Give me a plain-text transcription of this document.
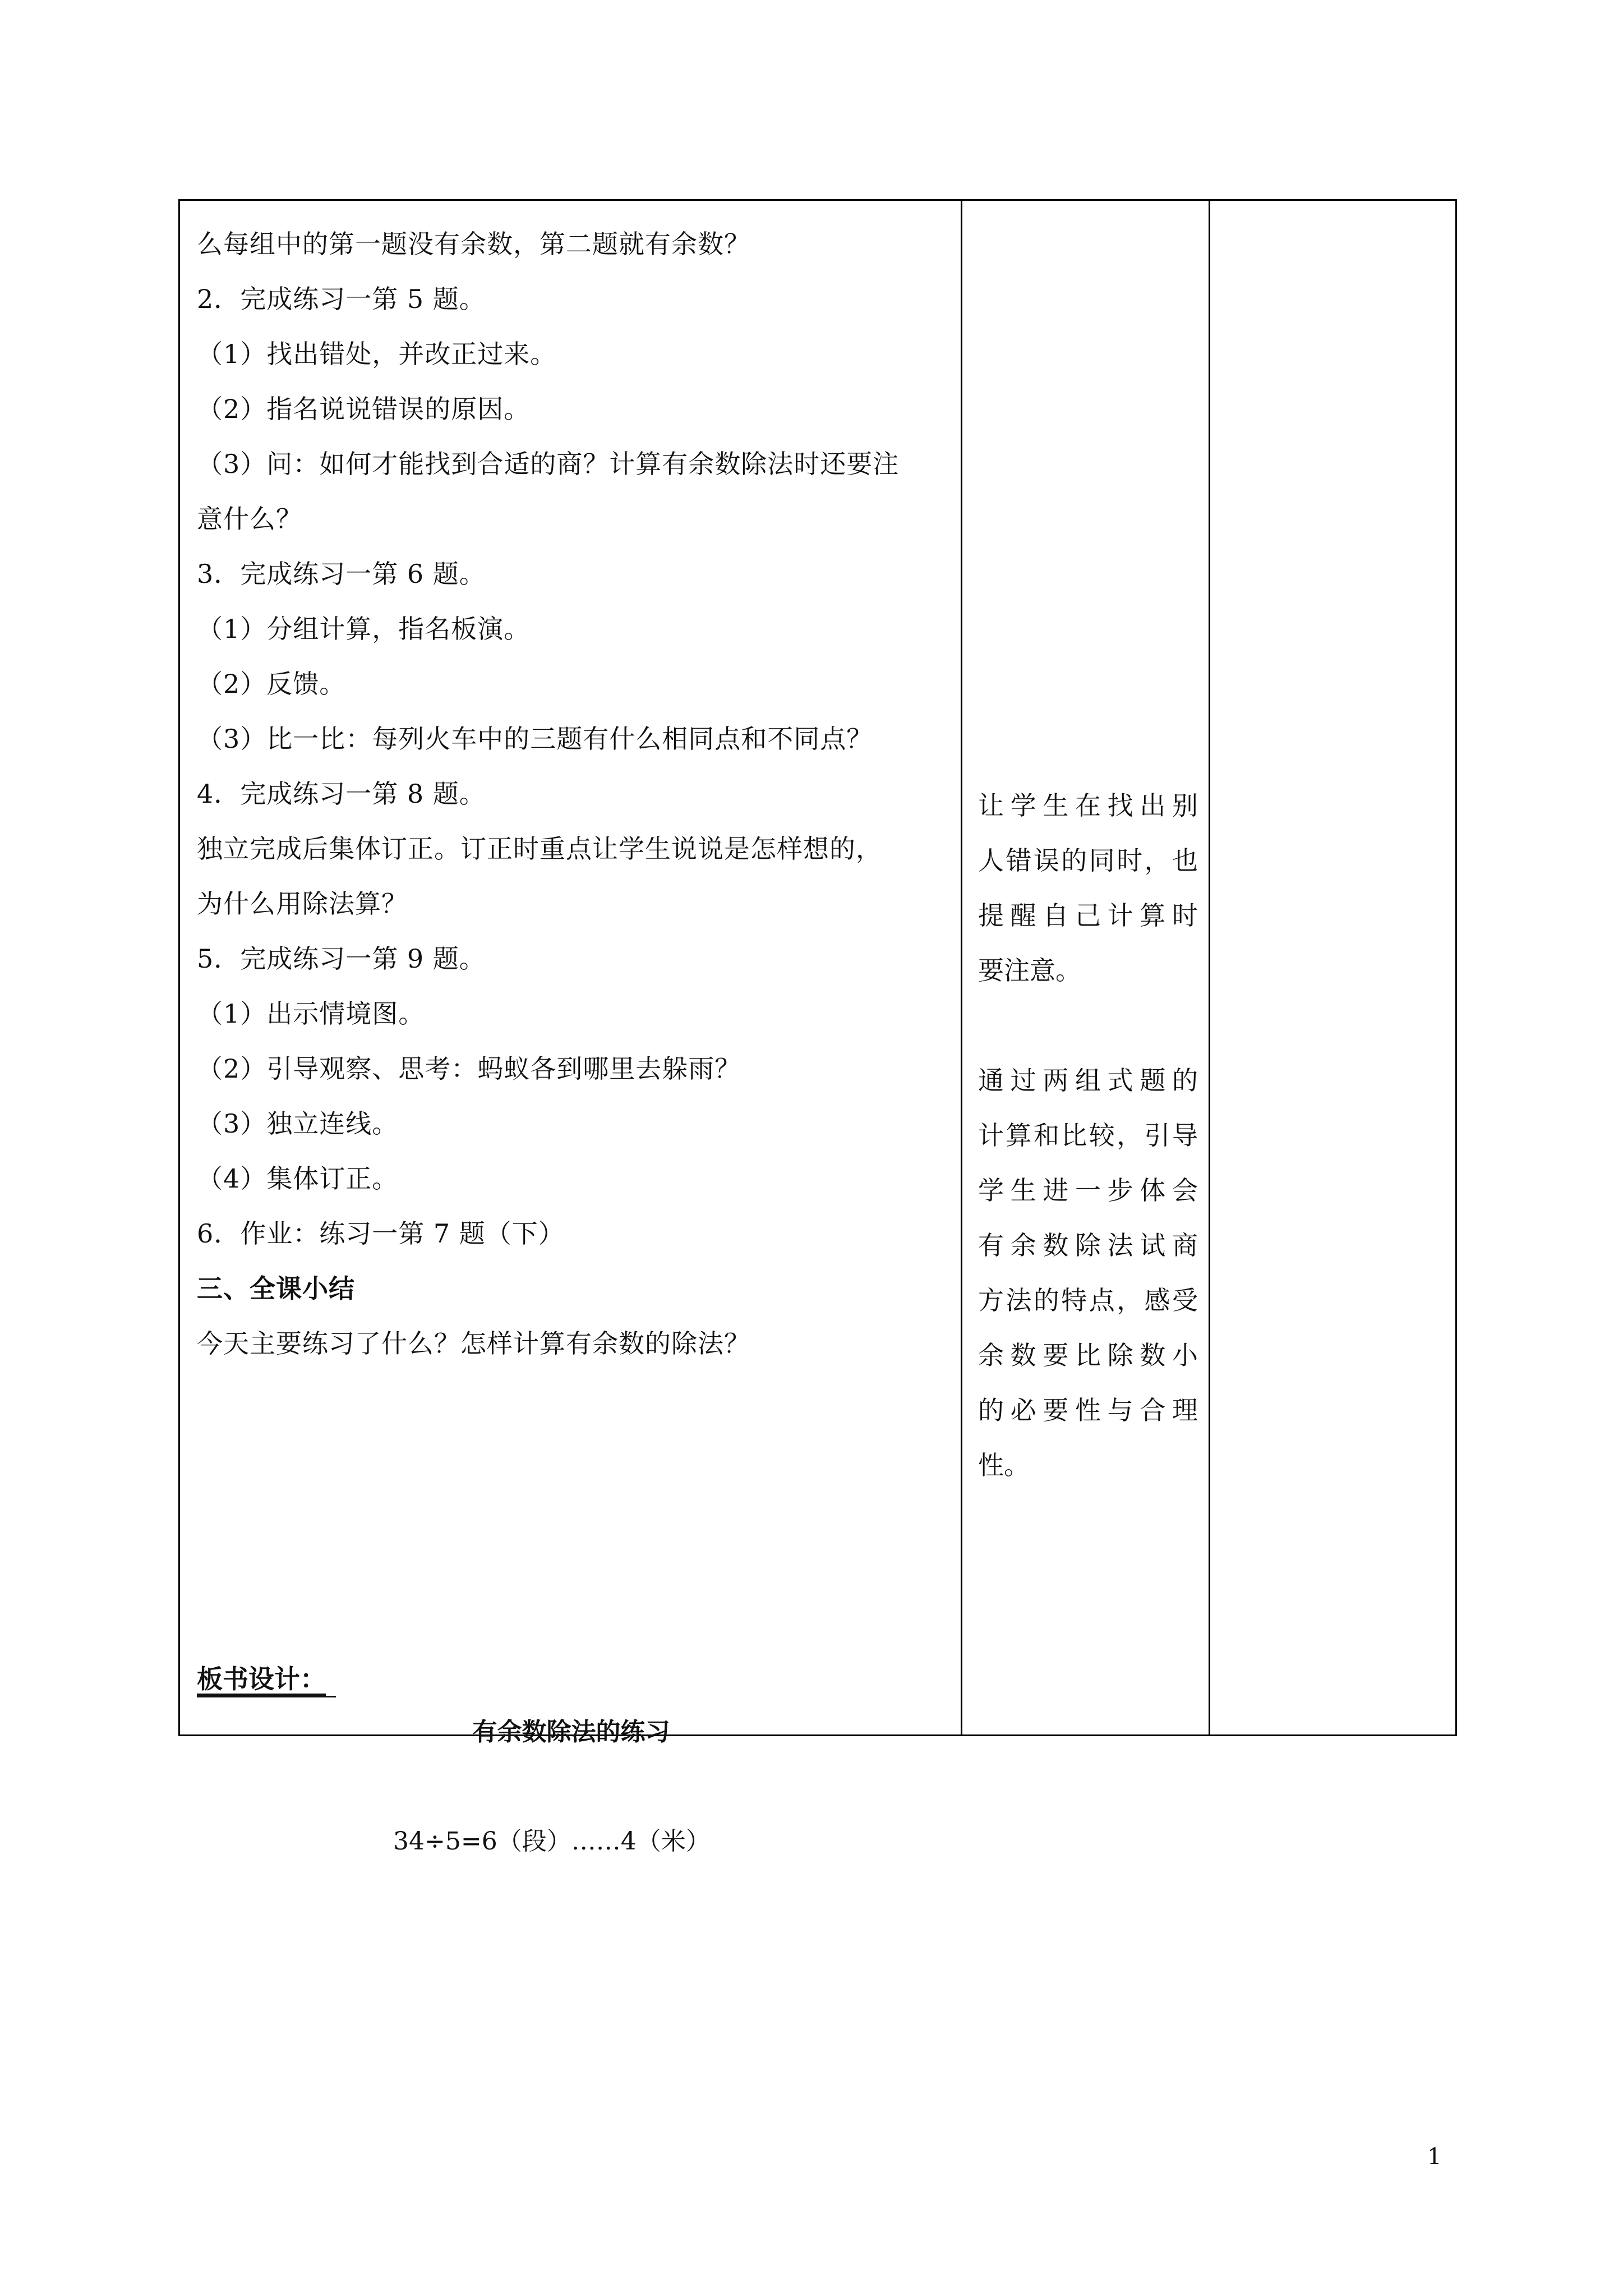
么每组中的第一题没有余数，第二题就有余数？
2．完成练习一第 5 题。
（1）找出错处，并改正过来。
（2）指名说说错误的原因。
（3）问：如何才能找到合适的商？计算有余数除法时还要注
意什么？
3．完成练习一第 6 题。
（1）分组计算，指名板演。
（2）反馈。
（3）比一比：每列火车中的三题有什么相同点和不同点？
4．完成练习一第 8 题。
独立完成后集体订正。订正时重点让学生说说是怎样想的，
为什么用除法算？
5．完成练习一第 9 题。
（1）出示情境图。
（2）引导观察、思考：蚂蚁各到哪里去躲雨？
（3）独立连线。
（4）集体订正。
6．作业：练习一第 7 题（下）
三、全课小结
今天主要练习了什么？怎样计算有余数的除法？
板书设计：
有余数除法的练习
34÷5=6（段）……4（米）
让 学 生 在 找 出 别
人 错 误 的 同 时 ， 也
提 醒 自 己 计 算 时
要注意。
通 过 两 组 式 题 的
计 算 和 比 较 ， 引 导
学 生 进 一 步 体 会
有 余 数 除 法 试 商
方 法 的 特 点 ， 感 受
余 数 要 比 除 数 小
的 必 要 性 与 合 理
性。
1
